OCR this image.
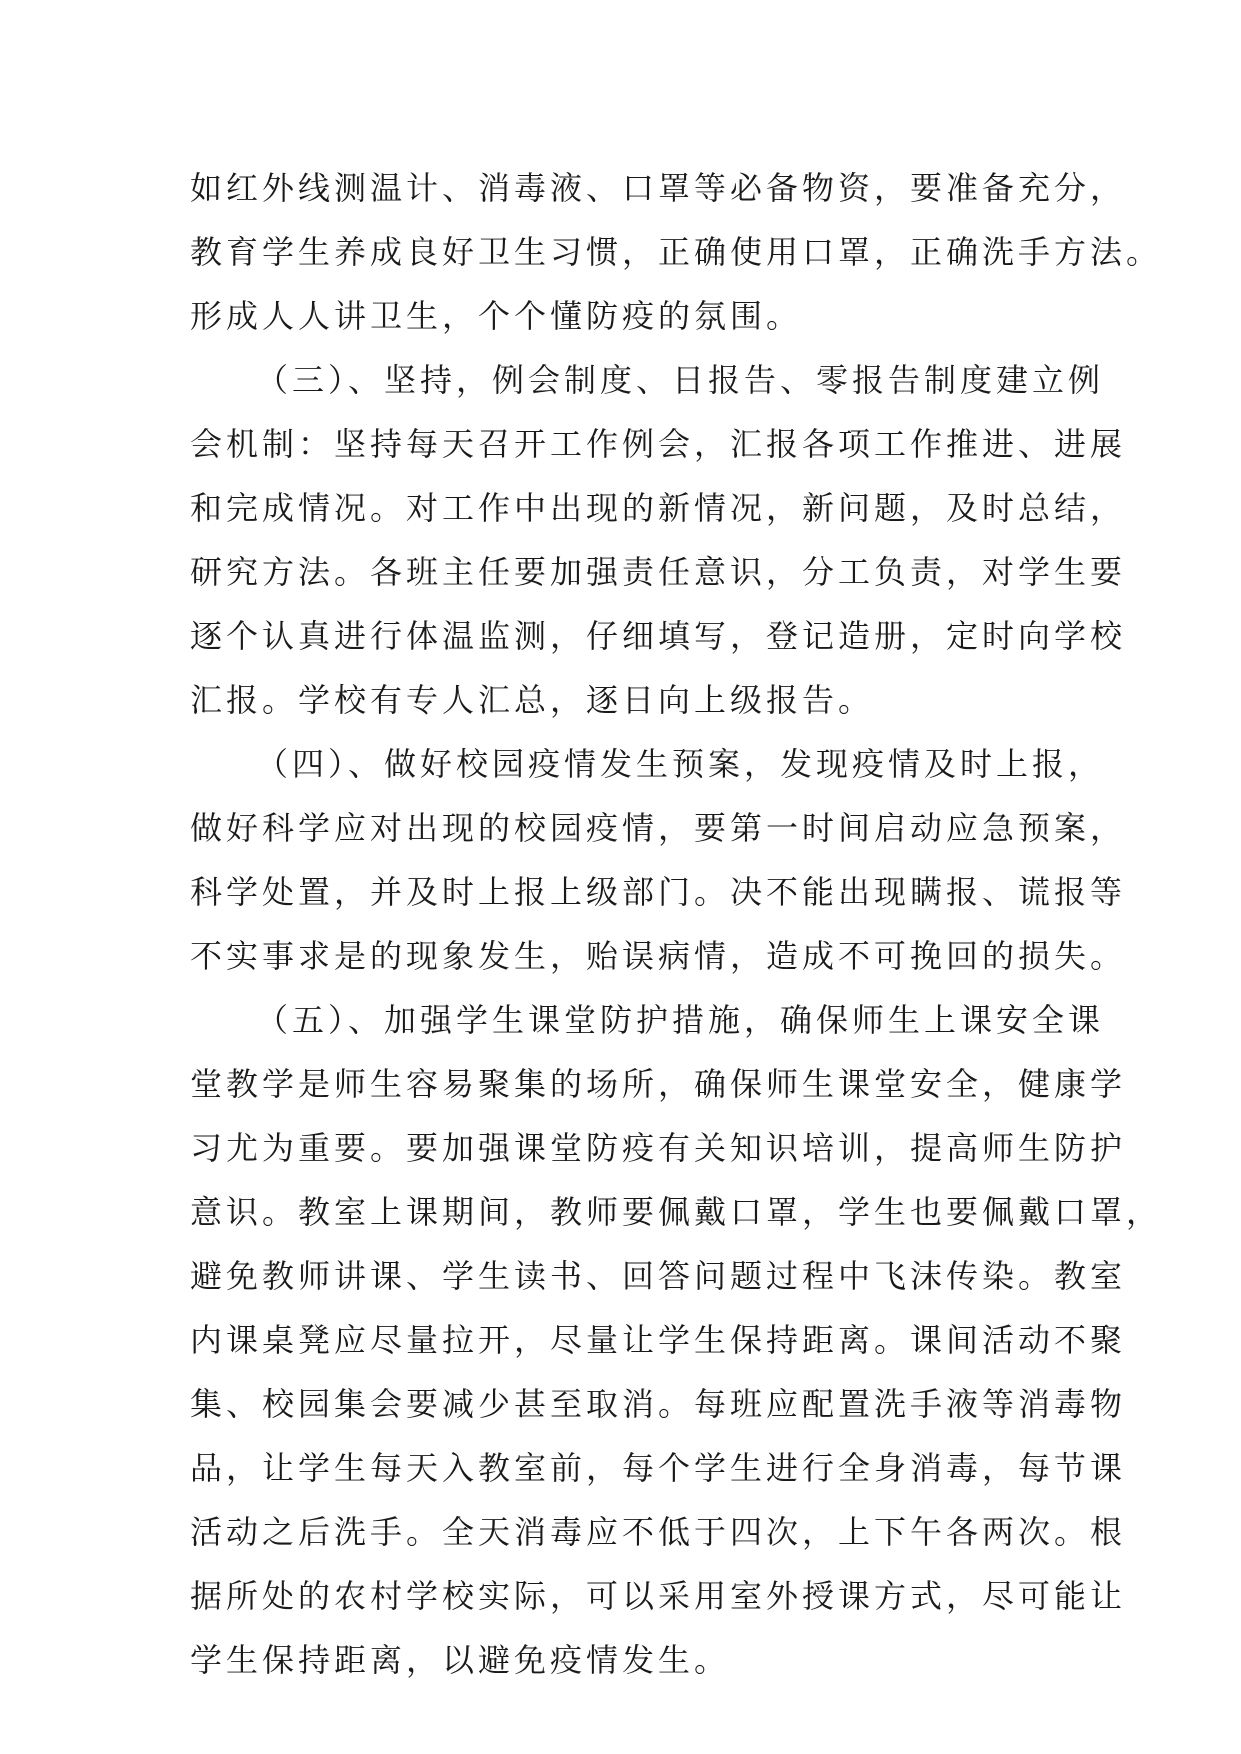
如红外线测温计、消毒液、口罩等必备物资，要准备充分，
教育学生养成良好卫生习惯，正确使用口罩，正确洗手方法。
形成人人讲卫生，个个懂防疫的氛围。
（三）、坚持，例会制度、日报告、零报告制度建立例
会机制：坚持每天召开工作例会，汇报各项工作推进、进展
和完成情况。对工作中出现的新情况，新问题，及时总结，
研究方法。各班主任要加强责任意识，分工负责，对学生要
逐个认真进行体温监测，仔细填写，登记造册，定时向学校
汇报。学校有专人汇总，逐日向上级报告。
（四）、做好校园疫情发生预案，发现疫情及时上报，
做好科学应对出现的校园疫情，要第一时间启动应急预案，
科学处置，并及时上报上级部门。决不能出现瞒报、谎报等
不实事求是的现象发生，贻误病情，造成不可挽回的损失。
（五）、加强学生课堂防护措施，确保师生上课安全课
堂教学是师生容易聚集的场所，确保师生课堂安全，健康学
习尤为重要。要加强课堂防疫有关知识培训，提高师生防护
意识。教室上课期间，教师要佩戴口罩，学生也要佩戴口罩，
避免教师讲课、学生读书、回答问题过程中飞沫传染。教室
内课桌凳应尽量拉开，尽量让学生保持距离。课间活动不聚
集、校园集会要减少甚至取消。每班应配置洗手液等消毒物
品，让学生每天入教室前，每个学生进行全身消毒，每节课
活动之后洗手。全天消毒应不低于四次，上下午各两次。根
据所处的农村学校实际，可以采用室外授课方式，尽可能让
学生保持距离，以避免疫情发生。
